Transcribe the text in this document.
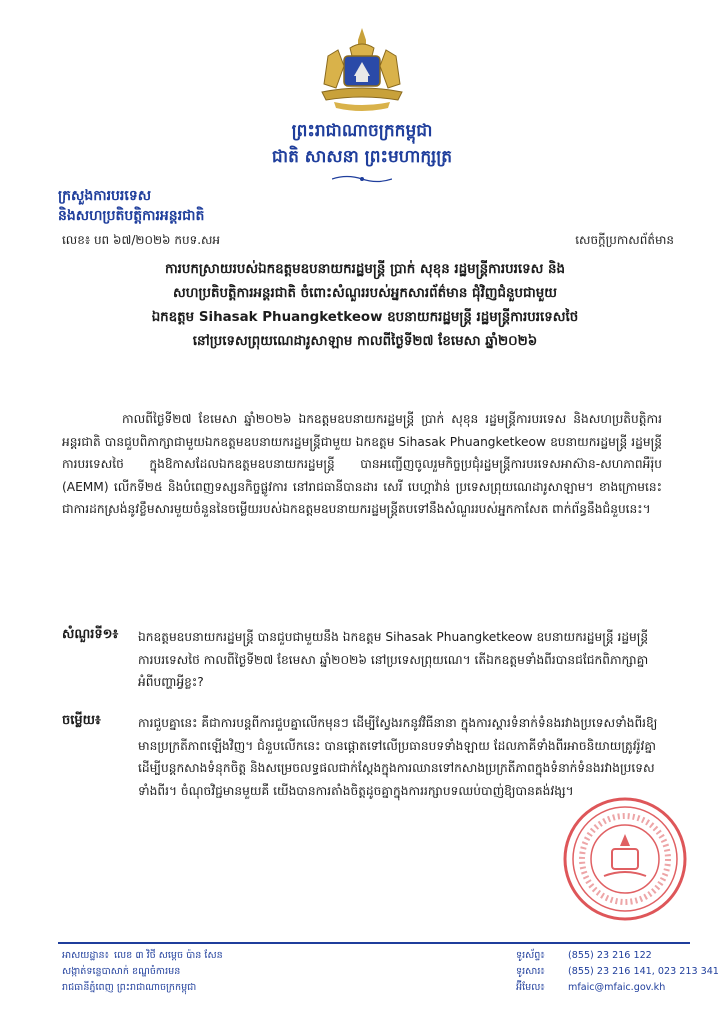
ព្រះរាជាណាចក្រកម្ពុជា
ជាតិ សាសនា ព្រះមហាក្សត្រ
ក្រសួងការបរទេស
និងសហប្រតិបត្តិការអន្តរជាតិ
លេខ៖ បព ៦៧/២០២៦ កបទ.សអ	សេចក្តីប្រកាសព័ត៌មាន
ការបកស្រាយរបស់ឯកឧត្តមឧបនាយករដ្ឋមន្ត្រី ប្រាក់ សុខុន រដ្ឋមន្ត្រីការបរទេស និង
សហប្រតិបត្តិការអន្តរជាតិ ចំពោះសំណួររបស់អ្នកសារព័ត៌មាន ជុំវិញជំនួបជាមួយ
ឯកឧត្តម Sihasak Phuangketkeow ឧបនាយករដ្ឋមន្ត្រី រដ្ឋមន្ត្រីការបរទេសថៃ
នៅប្រទេសព្រុយណេដារូសាឡាម កាលពីថ្ងៃទី២៧ ខែមេសា ឆ្នាំ២០២៦
កាលពីថ្ងៃទី២៧ ខែមេសា ឆ្នាំ២០២៦ ឯកឧត្តមឧបនាយករដ្ឋមន្ត្រី ប្រាក់ សុខុន រដ្ឋមន្ត្រីការបរទេស និងសហប្រតិបត្តិការអន្តរជាតិ បានជួបពិភាក្សាជាមួយឯកឧត្តមឧបនាយករដ្ឋមន្ត្រីជាមួយ ឯកឧត្តម Sihasak Phuangketkeow ឧបនាយករដ្ឋមន្ត្រី រដ្ឋមន្ត្រីការបរទេសថៃ ក្នុងឱកាសដែលឯកឧត្តមឧបនាយករដ្ឋមន្ត្រី បានអញ្ជើញចូលរួមកិច្ចប្រជុំរដ្ឋមន្ត្រីការបរទេសអាស៊ាន-សហភាពអឺរ៉ុប (AEMM) លើកទី២៥ និងបំពេញទស្សនកិច្ចផ្លូវការ នៅរាជធានីបានដារ សេរី បេហ្គាវ៉ាន់ ប្រទេសព្រុយណេដារូសាឡាម។ ខាងក្រោមនេះ ជាការដកស្រង់នូវខ្លឹមសារមួយចំនួននៃចម្លើយរបស់ឯកឧត្តមឧបនាយករដ្ឋមន្ត្រីតបទៅនឹងសំណួររបស់អ្នកកាសែត ពាក់ព័ន្ធនឹងជំនួបនេះ។
សំណួរទី១៖ ឯកឧត្តមឧបនាយករដ្ឋមន្ត្រី បានជួបជាមួយនឹង ឯកឧត្តម Sihasak Phuangketkeow ឧបនាយករដ្ឋមន្ត្រី រដ្ឋមន្ត្រីការបរទេសថៃ កាលពីថ្ងៃទី២៧ ខែមេសា ឆ្នាំ២០២៦ នៅប្រទេសព្រុយណេ។ តើឯកឧត្តមទាំងពីរបានជជែកពិភាក្សាគ្នាអំពីបញ្ហាអ្វីខ្លះ?
ចម្លើយ៖	ការជួបគ្នានេះ គឺជាការបន្តពីការជួបគ្នាលើកមុនៗ ដើម្បីស្វែងរកនូវវិធីនានា ក្នុងការស្តារទំនាក់ទំនងរវាងប្រទេសទាំងពីរឱ្យមានប្រក្រតីភាពឡើងវិញ។ ជំនួបលើកនេះ បានផ្តោតទៅលើប្រធានបទទាំងឡាយ ដែលភាគីទាំងពីរអាចនិយាយត្រូវរ៉ូវគ្នាដើម្បីបន្តកសាងទំនុកចិត្ត និងសម្រេចលទ្ធផលជាក់ស្តែងក្នុងការឈានទៅកសាងប្រក្រតីភាពក្នុងទំនាក់ទំនងរវាងប្រទេសទាំងពីរ។ ចំណុចវិជ្ជមានមួយគឺ យើងបានការតាំងចិត្តដូចគ្នាក្នុងការរក្សាបទឈប់បាញ់ឱ្យបានគង់វង្ស។
អាសយដ្ឋាន៖ លេខ ៣ វិថី សម្តេច ប៉ាន សែន
សង្កាត់ទន្លេបាសាក់ ខណ្ឌចំការមន
រាជធានីភ្នំពេញ ព្រះរាជាណាចក្រកម្ពុជា
ទូរស័ព្ទ៖ (855) 23 216 122
ទូរសារ៖ (855) 23 216 141, 023 213 341
អ៊ីមែល៖ mfaic@mfaic.gov.kh
